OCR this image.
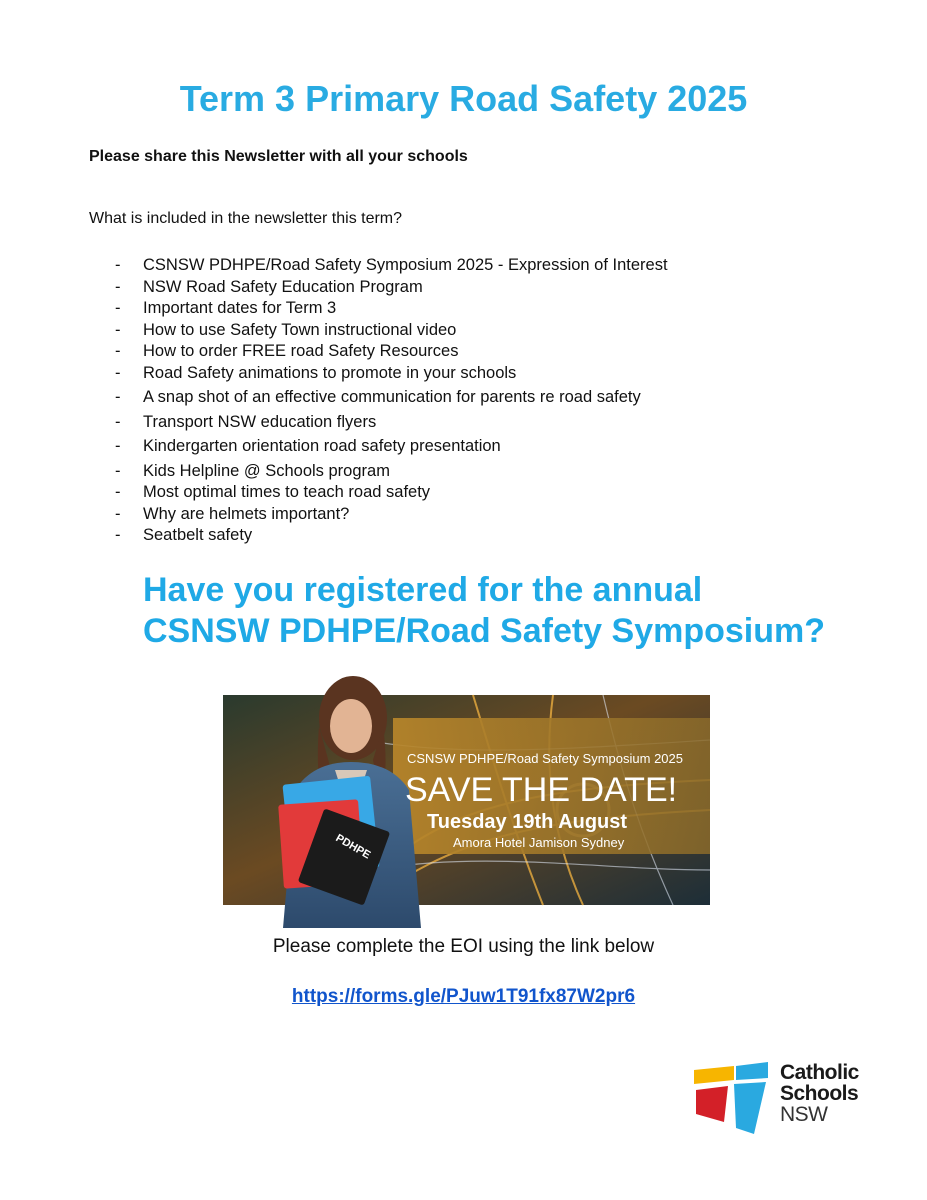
Term 3 Primary Road Safety 2025

Please share this Newsletter with all your schools

What is included in the newsletter this term?

- CSNSW PDHPE/Road Safety Symposium 2025 - Expression of Interest
- NSW Road Safety Education Program
- Important dates for Term 3
- How to use Safety Town instructional video
- How to order FREE road Safety Resources
- Road Safety animations to promote in your schools
- A snap shot of an effective communication for parents re road safety
- Transport NSW education flyers
- Kindergarten orientation road safety presentation
- Kids Helpline @ Schools program
- Most optimal times to teach road safety
- Why are helmets important?
- Seatbelt safety
Have you registered for the annual
CSNSW PDHPE/Road Safety Symposium?
PDHPE
CSNSW PDHPE/Road Safety Symposium 2025
SAVE THE DATE!
Tuesday 19th August
Amora Hotel Jamison Sydney

Please complete the EOI using the link below

https://forms.gle/PJuw1T91fx87W2pr6

Catholic
Schools
NSW
